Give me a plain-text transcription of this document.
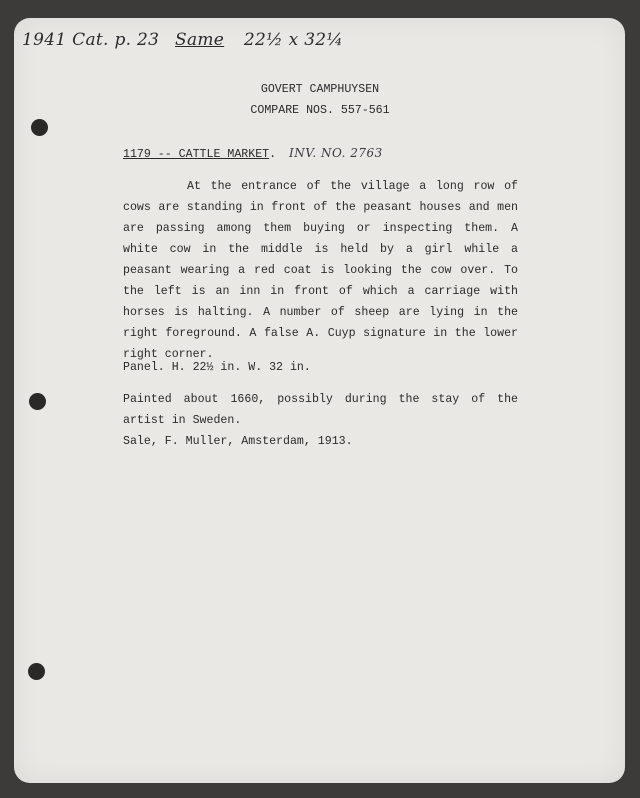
1941 Cat. p. 23 Same 22½ x 32¼
GOVERT CAMPHUYSEN
COMPARE NOS. 557-561
1179 -- CATTLE MARKET. INV. NO. 2763
At the entrance of the village a long row of cows are standing in front of the peasant houses and men are passing among them buying or inspecting them. A white cow in the middle is held by a girl while a peasant wearing a red coat is looking the cow over. To the left is an inn in front of which a carriage with horses is halting. A number of sheep are lying in the right foreground. A false A. Cuyp signature in the lower right corner.
Panel. H. 22½ in. W. 32 in.
Painted about 1660, possibly during the stay of the artist in Sweden.
Sale, F. Muller, Amsterdam, 1913.
